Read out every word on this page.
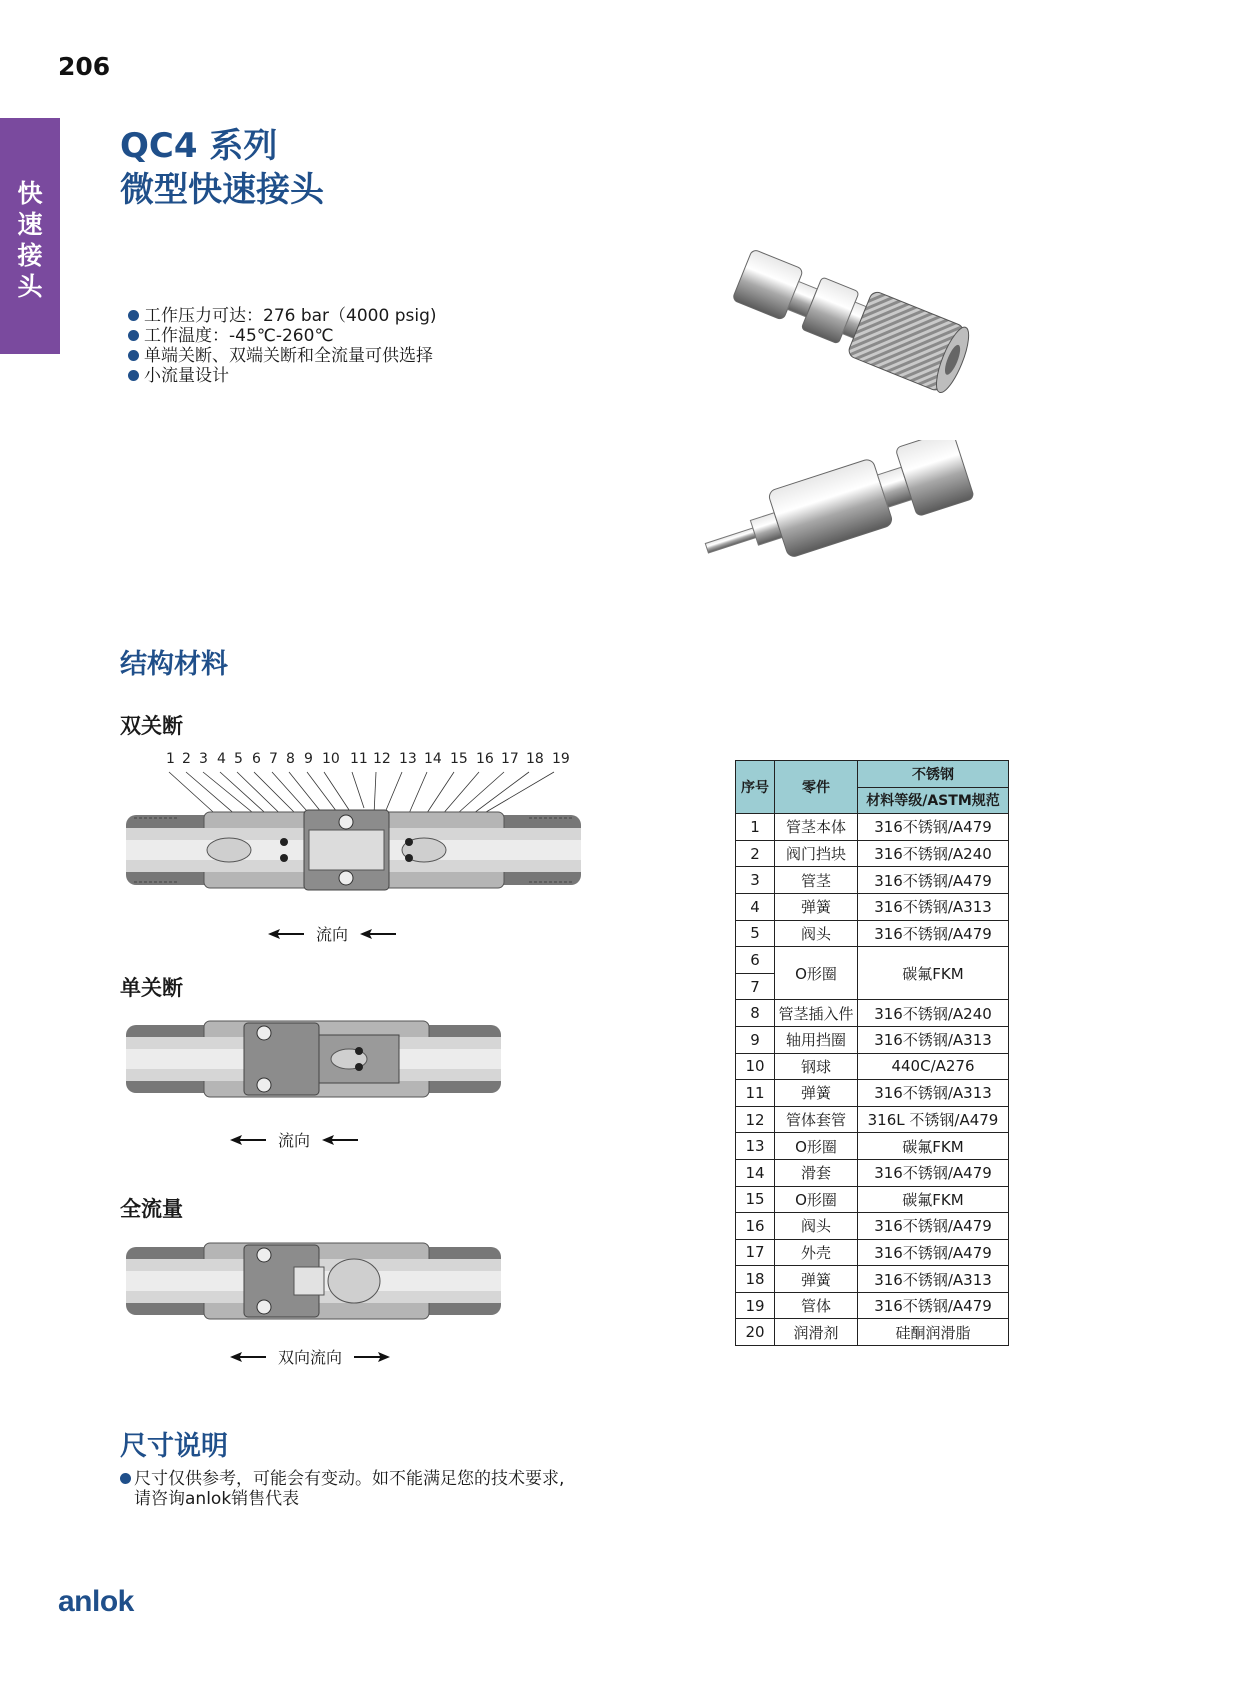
206
快
速
接
头
QC4 系列
微型快速接头
工作压力可达：276 bar（4000 psig)
工作温度：-45℃-260℃
单端关断、双端关断和全流量可供选择
小流量设计
结构材料
双关断
1 2 3 4 5 6 7 8 9 10 11 12 13 14 15 16 17 18 19
流向
单关断
流向
全流量
双向流向
序号	零件	不锈钢
		材料等级/ASTM规范
1	管茎本体	316不锈钢/A479
2	阀门挡块	316不锈钢/A240
3	管茎	316不锈钢/A479
4	弹簧	316不锈钢/A313
5	阀头	316不锈钢/A479
6	O形圈	碳氟FKM
7		
8	管茎插入件	316不锈钢/A240
9	轴用挡圈	316不锈钢/A313
10	钢球	440C/A276
11	弹簧	316不锈钢/A313
12	管体套管	316L 不锈钢/A479
13	O形圈	碳氟FKM
14	滑套	316不锈钢/A479
15	O形圈	碳氟FKM
16	阀头	316不锈钢/A479
17	外壳	316不锈钢/A479
18	弹簧	316不锈钢/A313
19	管体	316不锈钢/A479
20	润滑剂	硅酮润滑脂
尺寸说明
尺寸仅供参考，可能会有变动。如不能满足您的技术要求,
请咨询anlok销售代表
anlok
